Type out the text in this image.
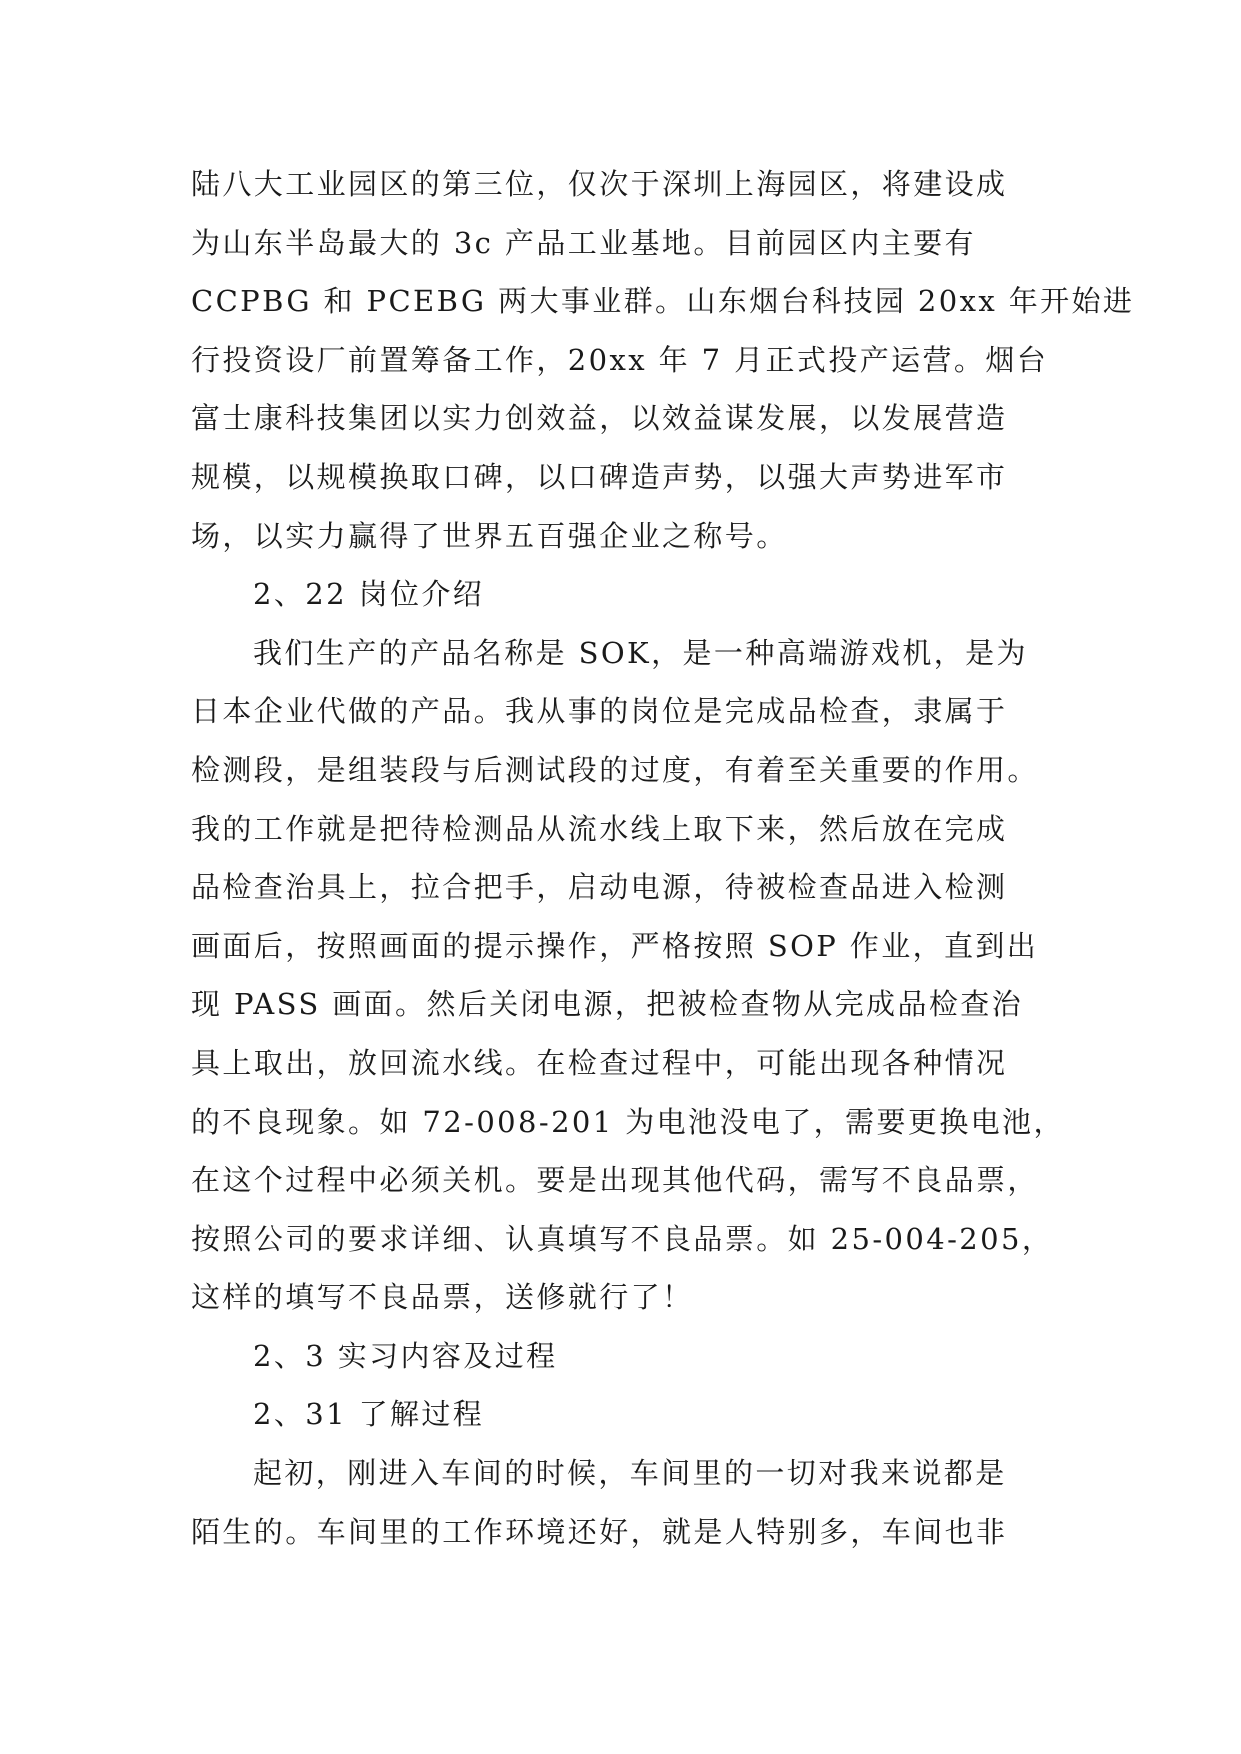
陆八大工业园区的第三位，仅次于深圳上海园区，将建设成
为山东半岛最大的 3c 产品工业基地。目前园区内主要有
CCPBG 和 PCEBG 两大事业群。山东烟台科技园 20xx 年开始进
行投资设厂前置筹备工作，20xx 年 7 月正式投产运营。烟台
富士康科技集团以实力创效益，以效益谋发展，以发展营造
规模，以规模换取口碑，以口碑造声势，以强大声势进军市
场，以实力赢得了世界五百强企业之称号。
2、22 岗位介绍
我们生产的产品名称是 SOK，是一种高端游戏机，是为
日本企业代做的产品。我从事的岗位是完成品检查，隶属于
检测段，是组装段与后测试段的过度，有着至关重要的作用。
我的工作就是把待检测品从流水线上取下来，然后放在完成
品检查治具上，拉合把手，启动电源，待被检查品进入检测
画面后，按照画面的提示操作，严格按照 SOP 作业，直到出
现 PASS 画面。然后关闭电源，把被检查物从完成品检查治
具上取出，放回流水线。在检查过程中，可能出现各种情况
的不良现象。如 72-008-201 为电池没电了，需要更换电池，
在这个过程中必须关机。要是出现其他代码，需写不良品票，
按照公司的要求详细、认真填写不良品票。如 25-004-205，
这样的填写不良品票，送修就行了！
2、3 实习内容及过程
2、31 了解过程
起初，刚进入车间的时候，车间里的一切对我来说都是
陌生的。车间里的工作环境还好，就是人特别多，车间也非
